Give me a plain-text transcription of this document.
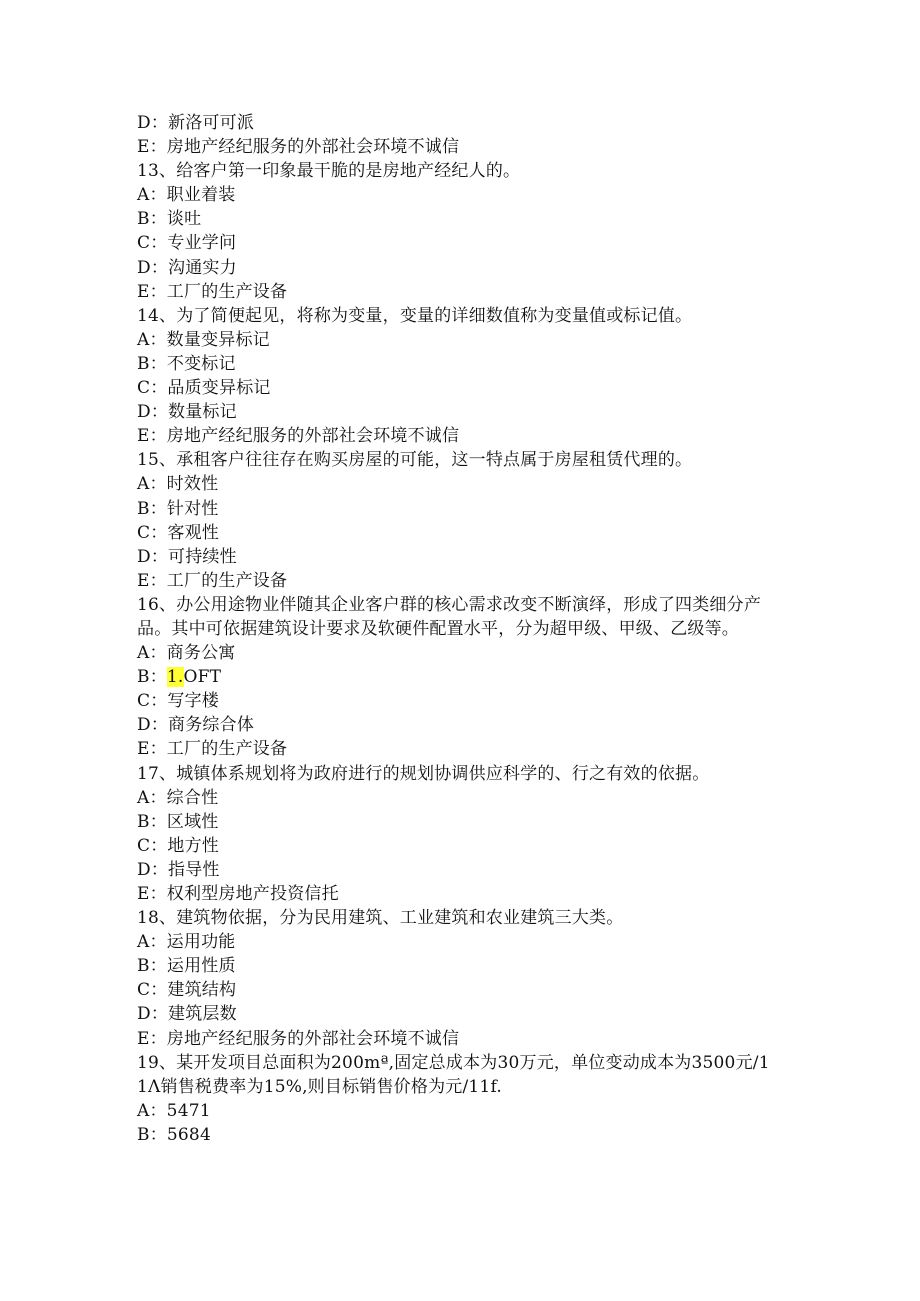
D：新洛可可派
E：房地产经纪服务的外部社会环境不诚信
13、给客户第一印象最干脆的是房地产经纪人的。
A：职业着装
B：谈吐
C：专业学问
D：沟通实力
E：工厂的生产设备
14、为了简便起见，将称为变量，变量的详细数值称为变量值或标记值。
A：数量变异标记
B：不变标记
C：品质变异标记
D：数量标记
E：房地产经纪服务的外部社会环境不诚信
15、承租客户往往存在购买房屋的可能，这一特点属于房屋租赁代理的。
A：时效性
B：针对性
C：客观性
D：可持续性
E：工厂的生产设备
16、办公用途物业伴随其企业客户群的核心需求改变不断演绎，形成了四类细分产品。其中可依据建筑设计要求及软硬件配置水平，分为超甲级、甲级、乙级等。
A：商务公寓
B：1.OFT
C：写字楼
D：商务综合体
E：工厂的生产设备
17、城镇体系规划将为政府进行的规划协调供应科学的、行之有效的依据。
A：综合性
B：区域性
C：地方性
D：指导性
E：权利型房地产投资信托
18、建筑物依据，分为民用建筑、工业建筑和农业建筑三大类。
A：运用功能
B：运用性质
C：建筑结构
D：建筑层数
E：房地产经纪服务的外部社会环境不诚信
19、某开发项目总面积为200mª,固定总成本为30万元，单位变动成本为3500元/11Λ销售税费率为15%,则目标销售价格为元/11f.
A：5471
B：5684
